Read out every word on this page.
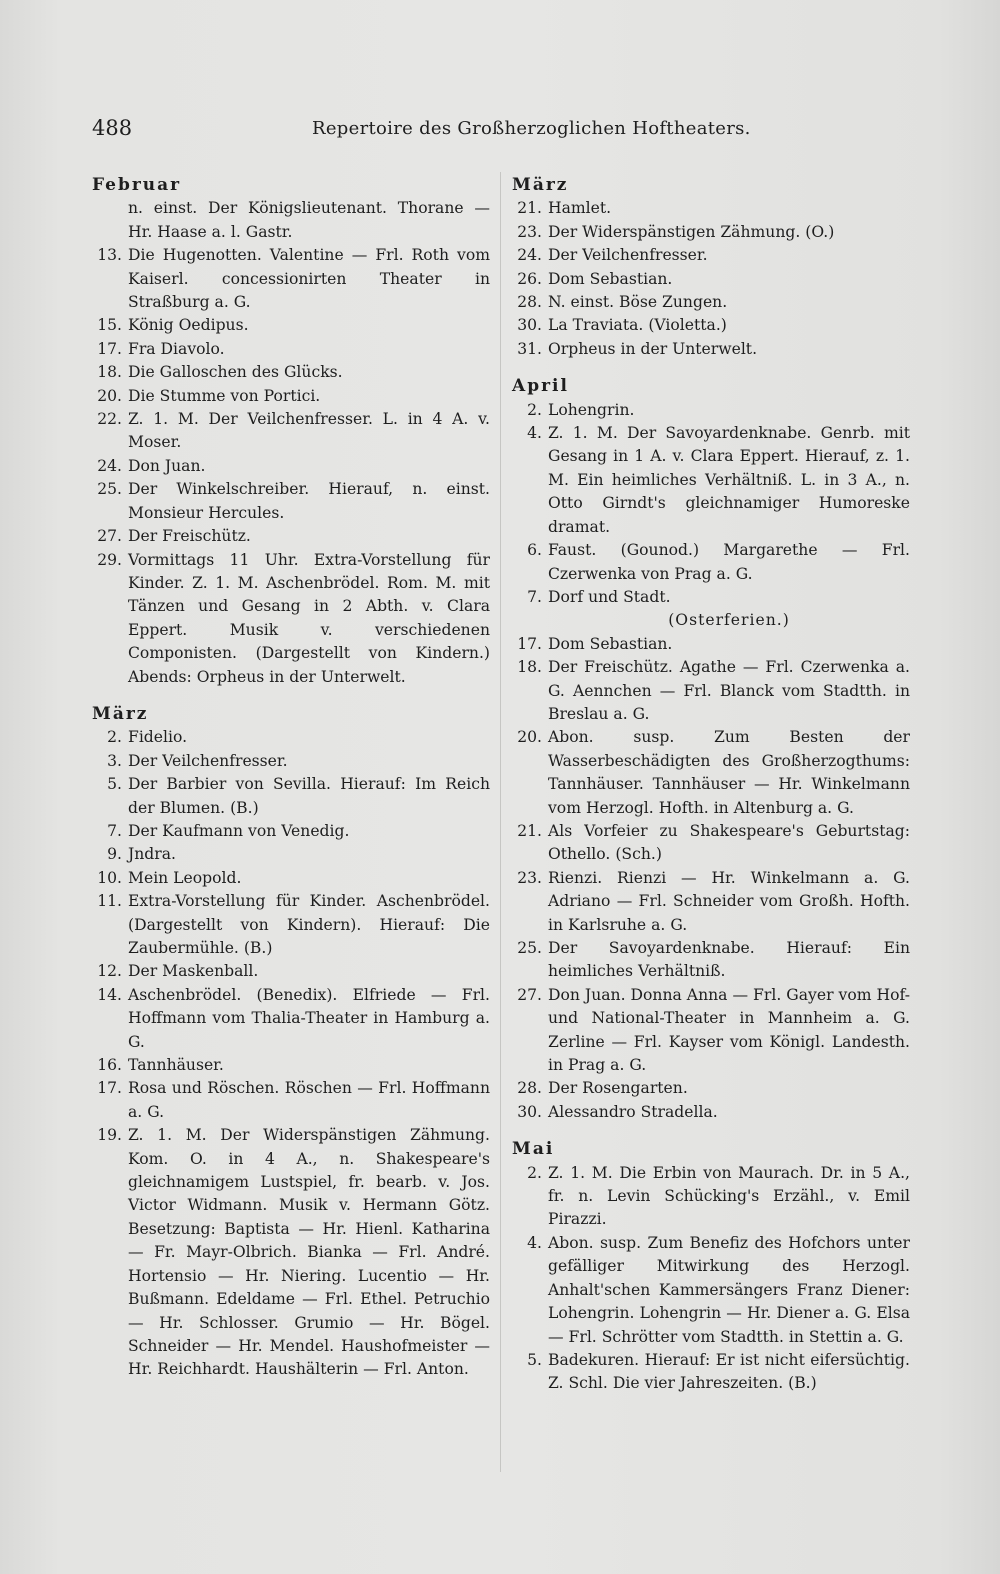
488	Repertoire des Großherzoglichen Hoftheaters.
Februar
n. einst. Der Königslieutenant. Thorane — Hr. Haase a. l. Gastr.
13. Die Hugenotten. Valentine — Frl. Roth vom Kaiserl. concessionirten Theater in Straßburg a. G.
15. König Oedipus.
17. Fra Diavolo.
18. Die Galloschen des Glücks.
20. Die Stumme von Portici.
22. Z. 1. M. Der Veilchenfresser. L. in 4 A. v. Moser.
24. Don Juan.
25. Der Winkelschreiber. Hierauf, n. einst. Monsieur Hercules.
27. Der Freischütz.
29. Vormittags 11 Uhr. Extra-Vorstellung für Kinder. Z. 1. M. Aschenbrödel. Rom. M. mit Tänzen und Gesang in 2 Abth. v. Clara Eppert. Musik v. verschiedenen Componisten. (Dargestellt von Kindern.) Abends: Orpheus in der Unterwelt.
März
2. Fidelio.
3. Der Veilchenfresser.
5. Der Barbier von Sevilla. Hierauf: Im Reich der Blumen. (B.)
7. Der Kaufmann von Venedig.
9. Jndra.
10. Mein Leopold.
11. Extra-Vorstellung für Kinder. Aschenbrödel. (Dargestellt von Kindern). Hierauf: Die Zaubermühle. (B.)
12. Der Maskenball.
14. Aschenbrödel. (Benedix). Elfriede — Frl. Hoffmann vom Thalia-Theater in Hamburg a. G.
16. Tannhäuser.
17. Rosa und Röschen. Röschen — Frl. Hoffmann a. G.
19. Z. 1. M. Der Widerspänstigen Zähmung. Kom. O. in 4 A., n. Shakespeare's gleichnamigem Lustspiel, fr. bearb. v. Jos. Victor Widmann. Musik v. Hermann Götz. Besetzung: Baptista — Hr. Hienl. Katharina — Fr. Mayr-Olbrich. Bianka — Frl. André. Hortensio — Hr. Niering. Lucentio — Hr. Bußmann. Edeldame — Frl. Ethel. Petruchio — Hr. Schlosser. Grumio — Hr. Bögel. Schneider — Hr. Mendel. Haushofmeister — Hr. Reichhardt. Haushälterin — Frl. Anton.
März
21. Hamlet.
23. Der Widerspänstigen Zähmung. (O.)
24. Der Veilchenfresser.
26. Dom Sebastian.
28. N. einst. Böse Zungen.
30. La Traviata. (Violetta.)
31. Orpheus in der Unterwelt.
April
2. Lohengrin.
4. Z. 1. M. Der Savoyardenknabe. Genrb. mit Gesang in 1 A. v. Clara Eppert. Hierauf, z. 1. M. Ein heimliches Verhältniß. L. in 3 A., n. Otto Girndt's gleichnamiger Humoreske dramat.
6. Faust. (Gounod.) Margarethe — Frl. Czerwenka von Prag a. G.
7. Dorf und Stadt.
(Osterferien.)
17. Dom Sebastian.
18. Der Freischütz. Agathe — Frl. Czerwenka a. G. Aennchen — Frl. Blanck vom Stadtth. in Breslau a. G.
20. Abon. susp. Zum Besten der Wasserbeschädigten des Großherzogthums: Tannhäuser. Tannhäuser — Hr. Winkelmann vom Herzogl. Hofth. in Altenburg a. G.
21. Als Vorfeier zu Shakespeare's Geburtstag: Othello. (Sch.)
23. Rienzi. Rienzi — Hr. Winkelmann a. G. Adriano — Frl. Schneider vom Großh. Hofth. in Karlsruhe a. G.
25. Der Savoyardenknabe. Hierauf: Ein heimliches Verhältniß.
27. Don Juan. Donna Anna — Frl. Gayer vom Hof- und National-Theater in Mannheim a. G. Zerline — Frl. Kayser vom Königl. Landesth. in Prag a. G.
28. Der Rosengarten.
30. Alessandro Stradella.
Mai
2. Z. 1. M. Die Erbin von Maurach. Dr. in 5 A., fr. n. Levin Schücking's Erzähl., v. Emil Pirazzi.
4. Abon. susp. Zum Benefiz des Hofchors unter gefälliger Mitwirkung des Herzogl. Anhalt'schen Kammersängers Franz Diener: Lohengrin. Lohengrin — Hr. Diener a. G. Elsa — Frl. Schrötter vom Stadtth. in Stettin a. G.
5. Badekuren. Hierauf: Er ist nicht eifersüchtig. Z. Schl. Die vier Jahreszeiten. (B.)
